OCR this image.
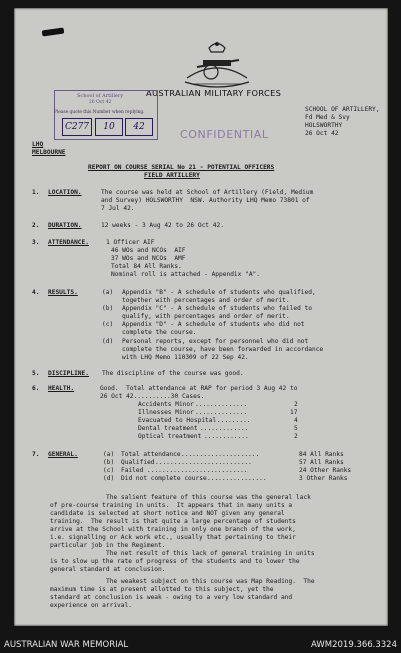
AUSTRALIAN MILITARY FORCES
School of Artillery
26 Oct 42
Please quote this Number when replying.
C277	10	42
CONFIDENTIAL
SCHOOL OF ARTILLERY,
Fd Med & Svy
HOLSWORTHY
26 Oct 42
LHQ
MELBOURNE
REPORT ON COURSE SERIAL No 21 - POTENTIAL OFFICERS
FIELD ARTILLERY
1. LOCATION.	The course was held at School of Artillery (Field, Medium
and Survey) HOLSWORTHY  NSW. Authority LHQ Memo 73801 of
7 Jul 42.
2. DURATION.	12 weeks - 3 Aug 42 to 26 Oct 42.
3. ATTENDANCE.	1 Officer AIF
46 WOs and NCOs  AIF
37 WOs and NCOs  AMF
Total 84 All Ranks.
Nominal roll is attached - Appendix "A".
4. RESULTS.	(a) Appendix "B" - A schedule of students who qualified,
together with percentages and order of merit.
(b) Appendix "C" - A schedule of students who failed to
qualify, with percentages and order of merit.
(c) Appendix "D" - A schedule of students who did not
complete the course.
(d) Personal reports, except for personnel who did not
complete the course, have been forwarded in accordance
with LHQ Memo 110309 of 22 Sep 42.
5. DISCIPLINE. The discipline of the course was good.
6. HEALTH.	Good.  Total attendance at RAP for period 3 Aug 42 to
26 Oct 42..........30 Cases.
Accidents Minor ..............	2
Illnesses Minor ..............	17
Evacuated to Hospital .........	4
Dental treatment .............	5
Optical treatment ............	2
7. GENERAL.	(a) Total attendance .....................	84 All Ranks
(b) Qualified ..........................	57 All Ranks
(c) Failed ...........................	24 Other Ranks
(d) Did not complete course ................	3 Other Ranks
The salient feature of this course was the general lack
of pre-course training in units.  It appears that in many units a
candidate is selected at short notice and NOT given any general
training.  The result is that quite a large percentage of students
arrive at the School with training in only one branch of the work,
i.e. signalling or Ack work etc., usually that pertaining to their
particular job in the Regiment.
The net result of this lack of general training in units
is to slow up the rate of progress of the students and to lower the
general standard at conclusion.
The weakest subject on this course was Map Reading.  The
maximum time is at present allotted to this subject, yet the
standard at conclusion is weak - owing to a very low standard and
experience on arrival.
AUSTRALIAN WAR MEMORIAL	AWM2019.366.3324
